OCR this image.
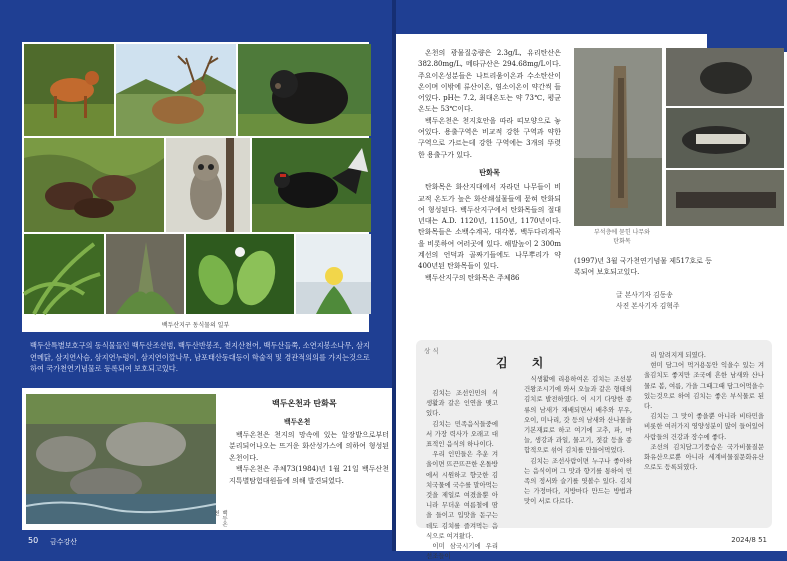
백두산지구 동식물의 일부
백두산특별보호구의 동식물들인 백두산조선범, 백두산반봉조, 천지산천어, 백두산들쭉, 소연지봉소나무, 삼지연메닭, 삼지연사슴, 삼지연누렁이, 삼지연이깔나무, 남포태산동대등이 학술적 및 경관적의의를 가지는것으로 하여 국가천연기념물로 등록되여 보호되고있다.
백두온천
백두온천과 탄화목
백두온천

백두온천은 천지의 망속에 있는 알장밭으로부터 분리되어나오는 뜨거운 화산성가스에 의하여 형성된 온천이다.

백두온천은 주체73(1984)년 1월 21일 백두산천지특별탐험대원들에 의해 발견되였다.

50 금수강산

온천의 광물질총량은 2.3g/L, 유리탄산은 382.80mg/L, 메타규산은 294.68mg/L이다. 주요이온성분들은 나트리움이온과 수소탄산이온이며 이밖에 류산이온, 염소이온이 약간씩 들어있다. pH는 7.2, 최대온도는 약 73℃, 평균온도는 53℃이다.

백두온천은 천지호안을 따라 띠모양으로 놓여있다. 용출구역은 비교적 강한 구역과 약한 구역으로 가르는데 강한 구역에는 3개의 뚜렷한 용출구가 있다.

탄화목

탄화목은 화산지대에서 자라던 나무들이 비교적 온도가 높은 화산쇄설물들에 묻혀 탄화되여 형성된다. 백두산지구에서 탄화목들의 절대년대는 A.D. 1120년, 1150년, 1170년이다. 탄화목들은 소백수계곡, 대각봉, 백두다리계곡을 비롯하여 여러곳에 있다. 해발높이 2 300m계선의 언덕과 골짜기들에도 나무뿌리가 약 400년된 탄화목들이 있다.

백두산지구의 탄화목은 주체86

부석층에 묻힌 나무와 탄화목
(1997)년 3월 국가천연기념물 제517호로 등록되여 보호되고있다.
글 본사기자 김동송
사진 본사기자 김혁주
상 식
김 치

김치는 조선인민의 식생활과 갈은 인연을 맺고있다.

김치는 민족음식들중에서 가장 력사가 오래고 대표적인 음식의 하나이다.

우리 인민들은 추운 겨울이면 뜨끈뜨끈한 온돌방에서 시원하고 향긋한 김치국물에 국수를 말아먹는것을 제일로 여겼을뿐 아니라 무더운 여름철에 땀을 들이고 입맛을 돋구는데도 김치를 즐겨먹는 음식으로 여겨왔다.

이미 삼국시기에 우리 선조들이

식생활에 리용하여온 김치는 조선봉건왕조시기에 와서 오늘과 같은 형태의 김치로 발전하였다. 이 시기 다양한 종류의 남새가 재배되면서 배추와 무우, 오이, 미나리, 갓 등의 남새와 산나물을 기본재료로 하고 여기에 고추, 파, 마늘, 생강과 과일, 물고기, 젓갈 등을 종합적으로 섞어 김치를 만들어먹었다.

김치는 조선사람이면 누구나 좋아하는 음식이며 그 맛과 향기를 통하여 민족의 정서와 슬기를 엿볼수 있다. 김치는 가정마다, 지방마다 만드는 방법과 맛이 서로 다르다.

리 알려지게 되였다.

현미 담그어 먹거용동안 익을수 있는 겨울김치도 좋지만 조국에 흔한 남새와 산나물로 봄, 여름, 가을 그때그때 담그어먹을수 있는것으로 하여 김치는 좋은 부식물로 된다.

김치는 그 맛이 좋을뿐 아니라 비타민을 비롯한 여러가지 영양성분이 많이 들어있어 사람들의 건강과 장수에 좋다.

조선의 김치담그기풍습은 국가비물질문화유산으로뿐 아니라 세계비물질문화유산으로도 등록되였다.

2024/8 51
